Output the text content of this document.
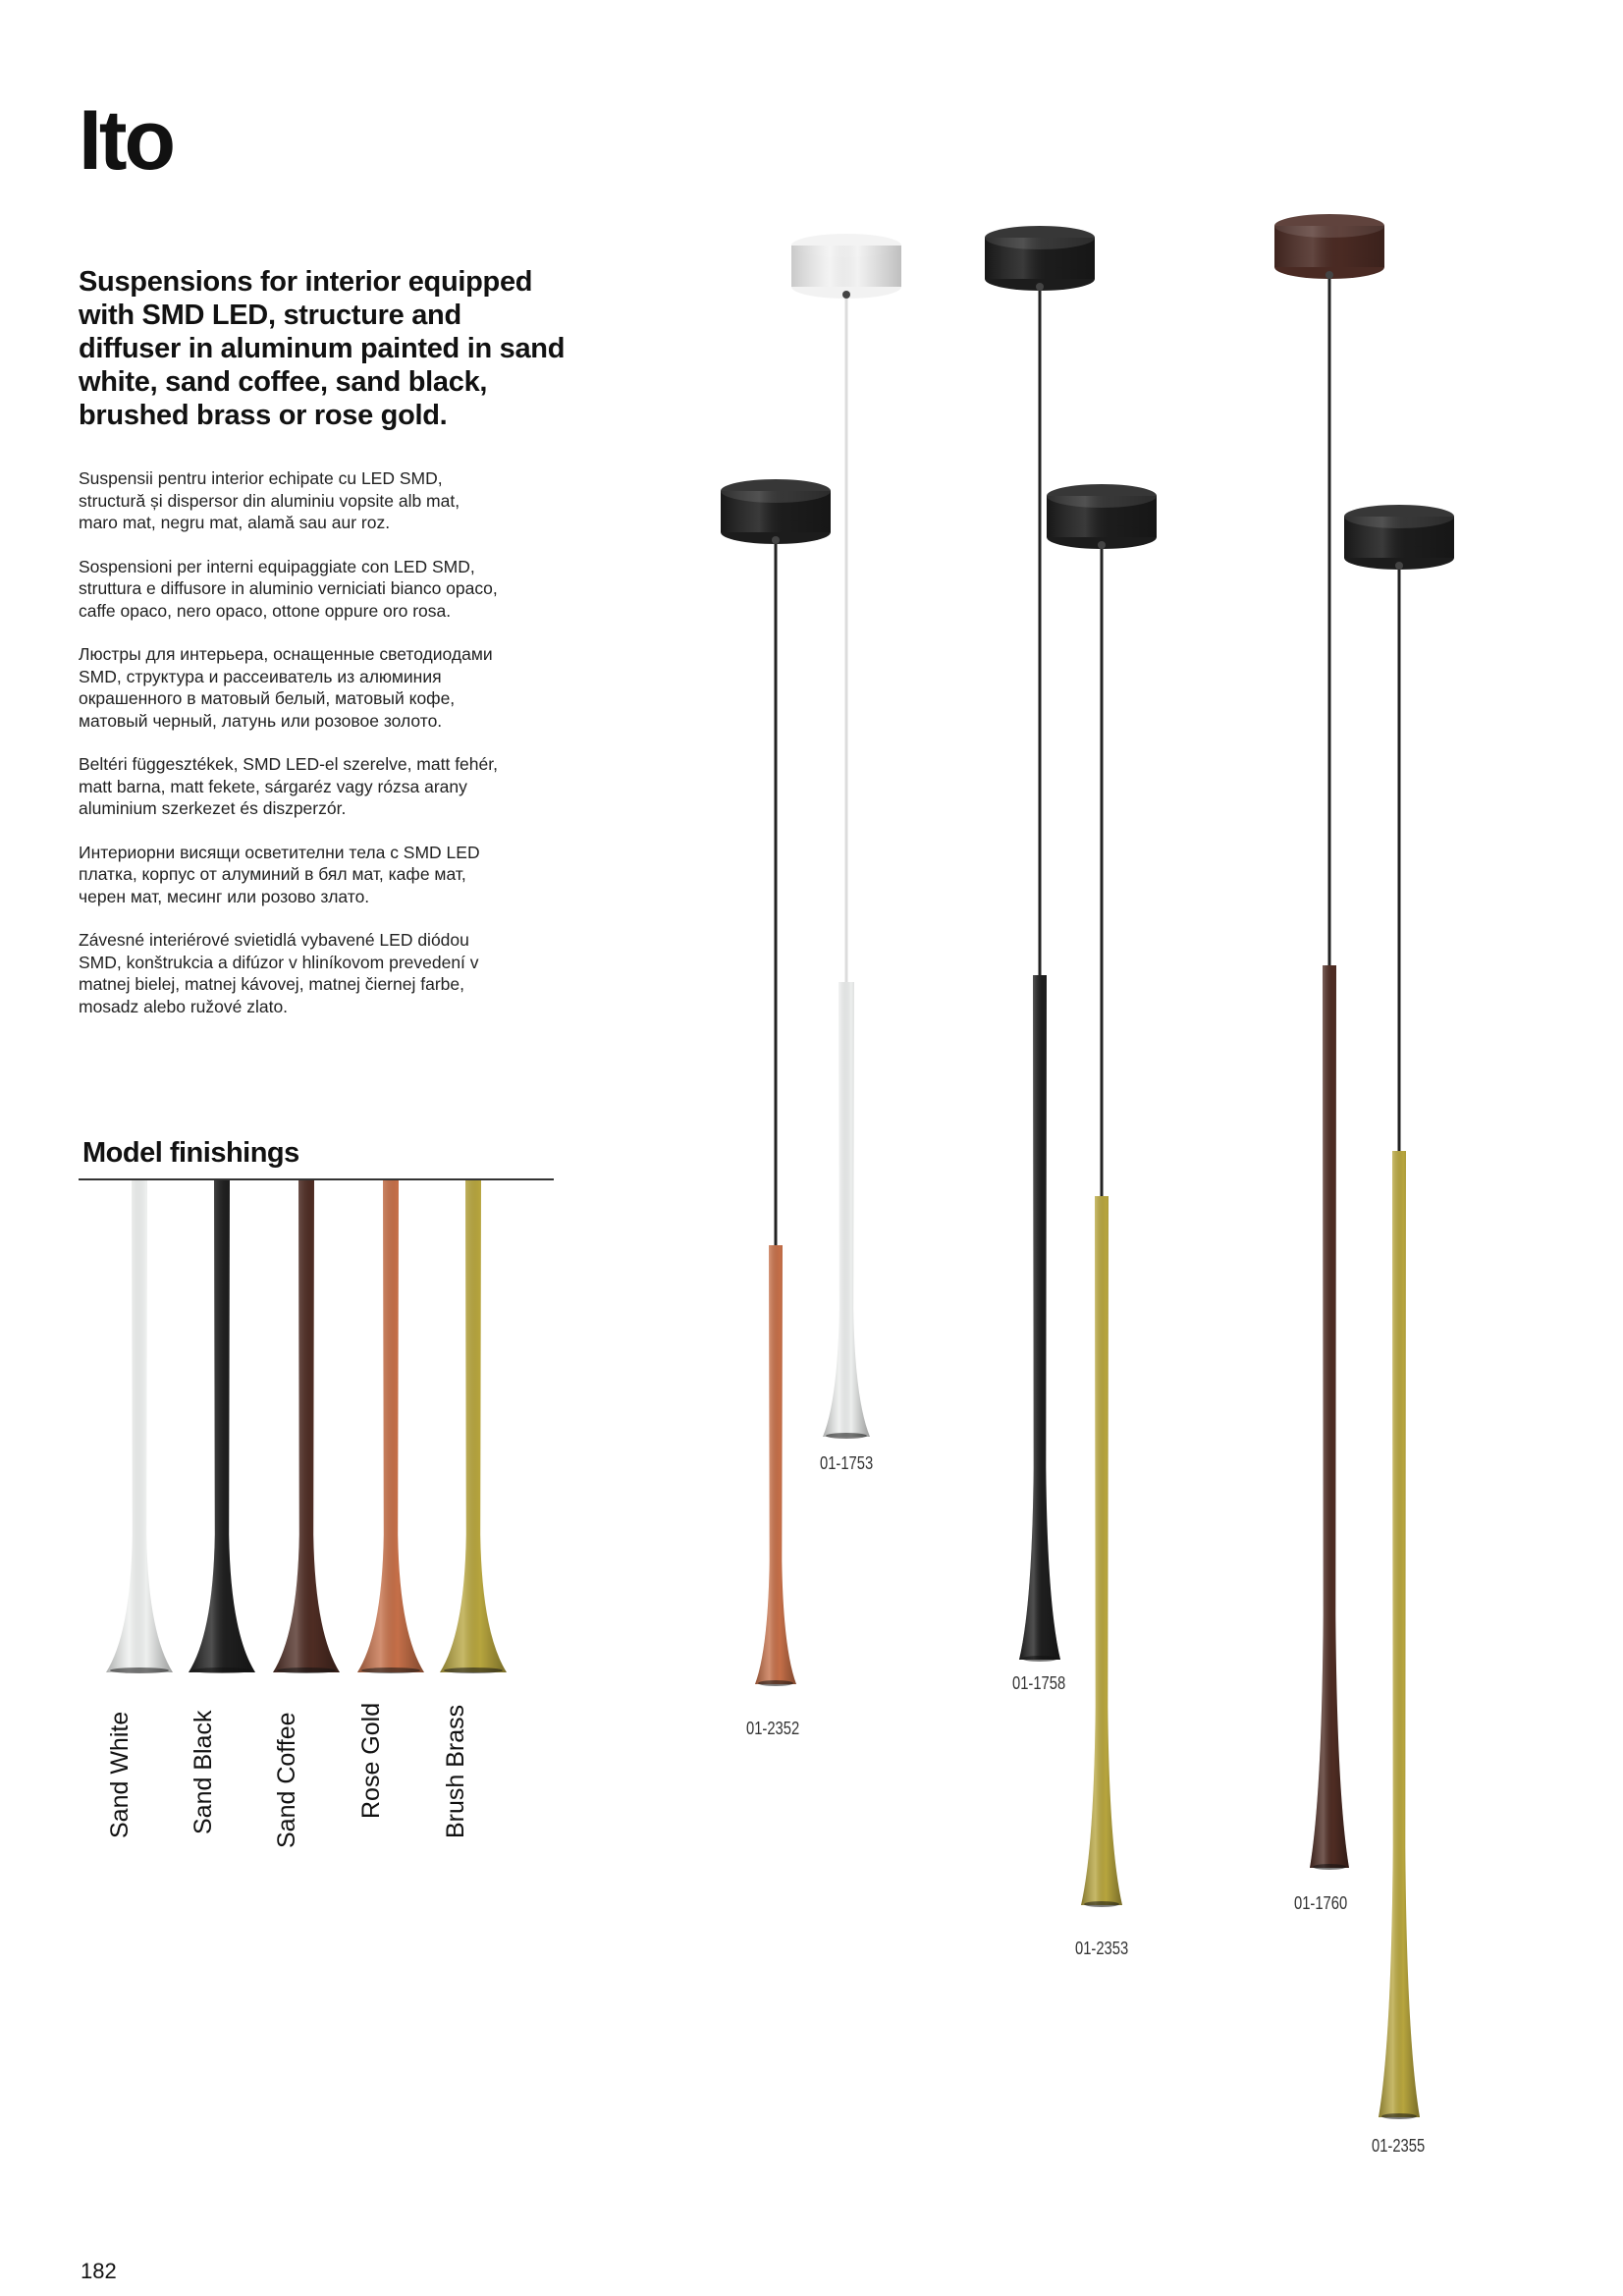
Ito
Suspensions for interior equipped with SMD LED, structure and diffuser in aluminum painted in sand white, sand coffee, sand black, brushed brass or rose gold.

Suspensii pentru interior echipate cu LED SMD,
structură și dispersor din aluminiu vopsite alb mat,
maro mat, negru mat, alamă sau aur roz.

Sospensioni per interni equipaggiate con LED SMD,
struttura e diffusore in aluminio verniciati bianco opaco,
caffe opaco, nero opaco, ottone oppure oro rosa.

Люстры для интерьера, оснащенные светодиодами
SMD, структура и рассеиватель из алюминия
окрашенного в матовый белый, матовый кофе,
матовый черный, латунь или розовое золото.

Beltéri függesztékek, SMD LED-el szerelve, matt fehér,
matt barna, matt fekete, sárgaréz vagy rózsa arany
aluminium szerkezet és diszperzór.

Интериорни висящи осветителни тела с SMD LED
платка, корпус от алуминий в бял мат, кафе мат,
черен мат, месинг или розово злато.

Závesné interiérové svietidlá vybavené LED diódou
SMD, konštrukcia a difúzor v hliníkovom prevedení v
matnej bielej, matnej kávovej, matnej čiernej farbe,
mosadz alebo ružové zlato.

Model finishings
Sand White Sand Black Sand Coffee Rose Gold Brush Brass
01-1753
01-2352
01-1758
01-2353
01-1760
01-2355
182
